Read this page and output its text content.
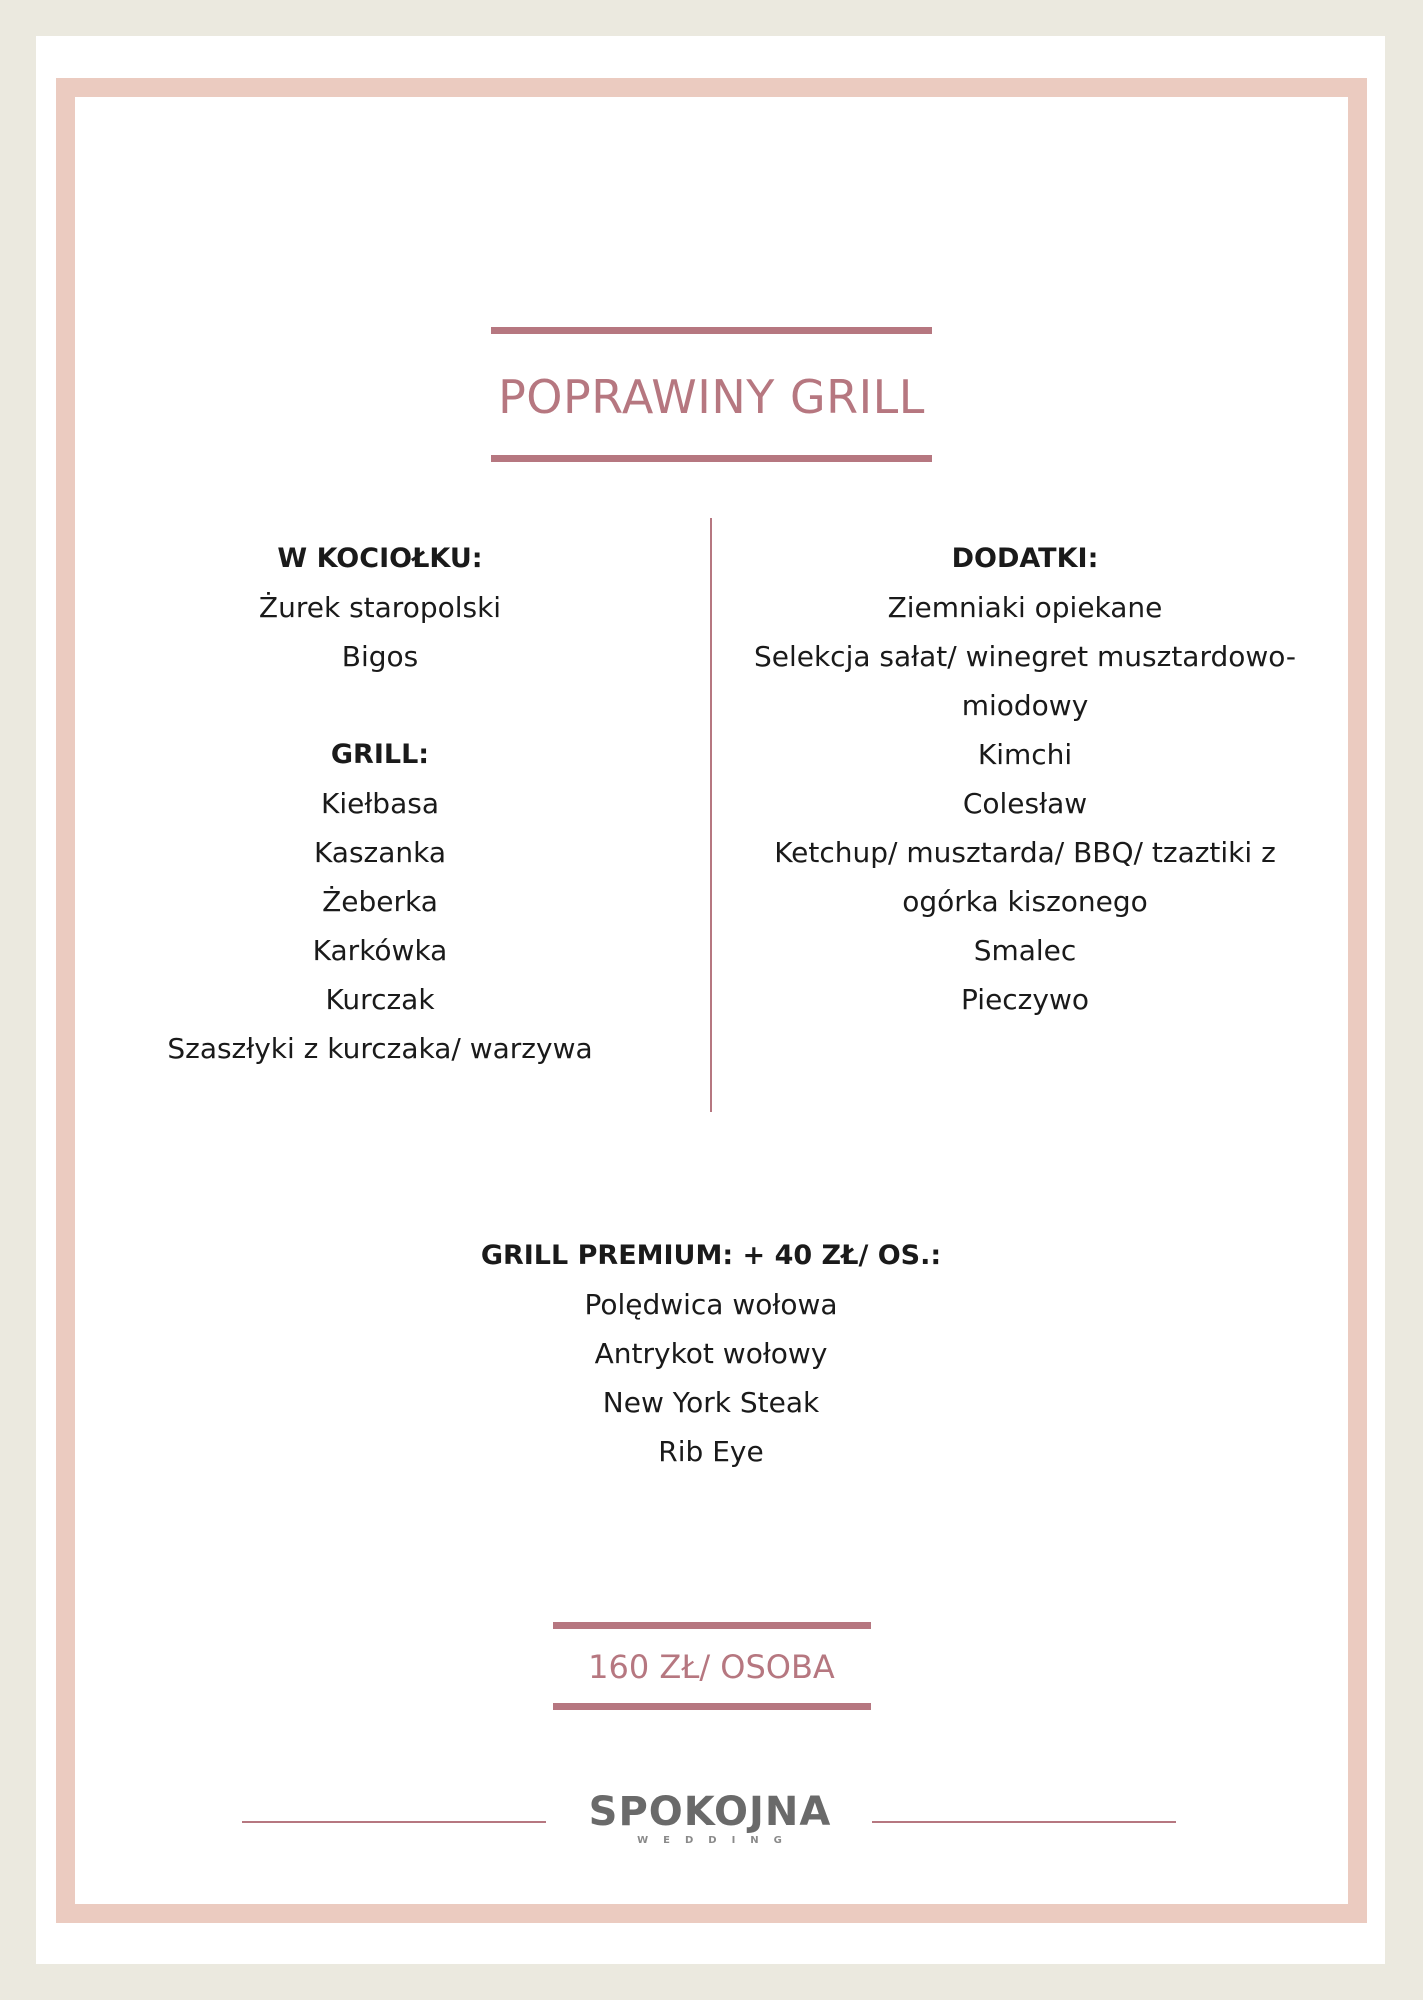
POPRAWINY GRILL
W KOCIOŁKU:
Żurek staropolski
Bigos
GRILL:
Kiełbasa
Kaszanka
Żeberka
Karkówka
Kurczak
Szaszłyki z kurczaka/ warzywa
DODATKI:
Ziemniaki opiekane
Selekcja sałat/ winegret musztardowo-
miodowy
Kimchi
Colesław
Ketchup/ musztarda/ BBQ/ tzaztiki z
ogórka kiszonego
Smalec
Pieczywo
GRILL PREMIUM: + 40 ZŁ/ OS.:
Polędwica wołowa
Antrykot wołowy
New York Steak
Rib Eye
160 ZŁ/ OSOBA
SPOKOJNA
WEDDING
